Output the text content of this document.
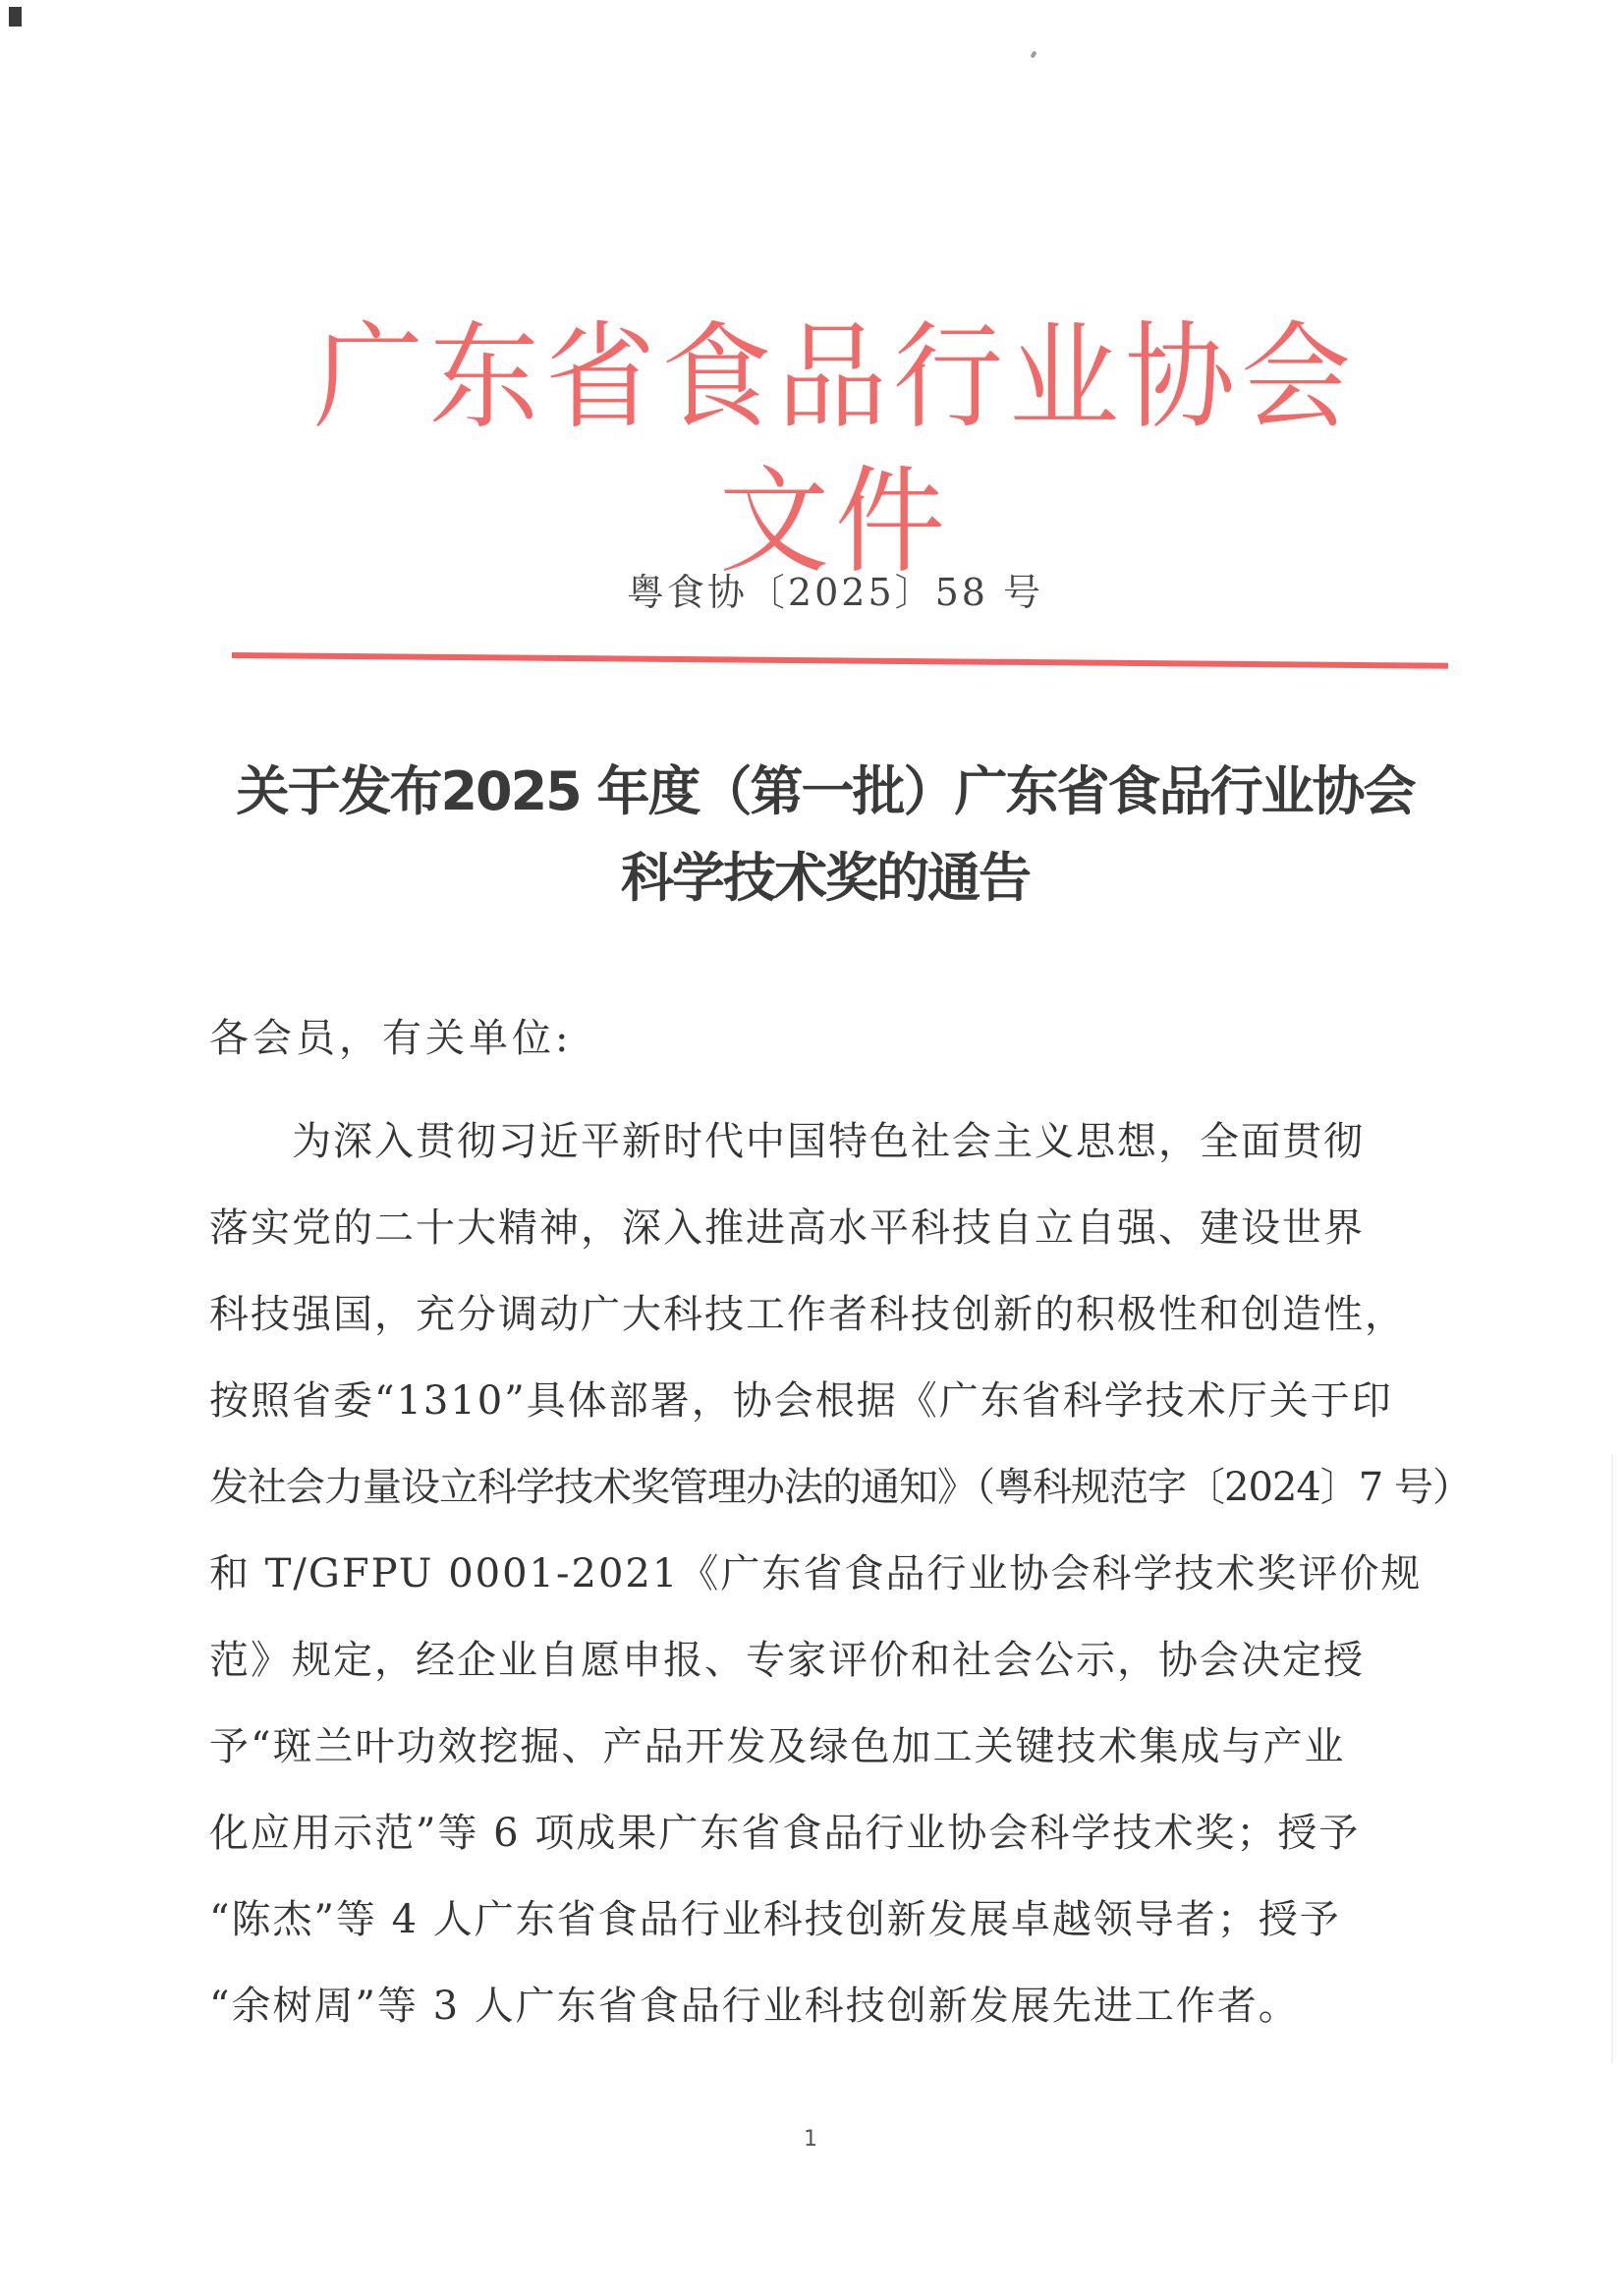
广东省食品行业协会文件
粤食协〔2025〕58 号
关于发布2025 年度（第一批）广东省食品行业协会
科学技术奖的通告
各会员，有关单位:
　　为深入贯彻习近平新时代中国特色社会主义思想，全面贯彻
落实党的二十大精神，深入推进高水平科技自立自强、建设世界
科技强国，充分调动广大科技工作者科技创新的积极性和创造性，
按照省委“1310”具体部署，协会根据《广东省科学技术厅关于印
发社会力量设立科学技术奖管理办法的通知》（粤科规范字〔2024〕7 号）
和 T/GFPU 0001-2021《广东省食品行业协会科学技术奖评价规
范》规定，经企业自愿申报、专家评价和社会公示，协会决定授
予“斑兰叶功效挖掘、产品开发及绿色加工关键技术集成与产业
化应用示范”等 6 项成果广东省食品行业协会科学技术奖；授予
“陈杰”等 4 人广东省食品行业科技创新发展卓越领导者；授予
“余树周”等 3 人广东省食品行业科技创新发展先进工作者。
1
